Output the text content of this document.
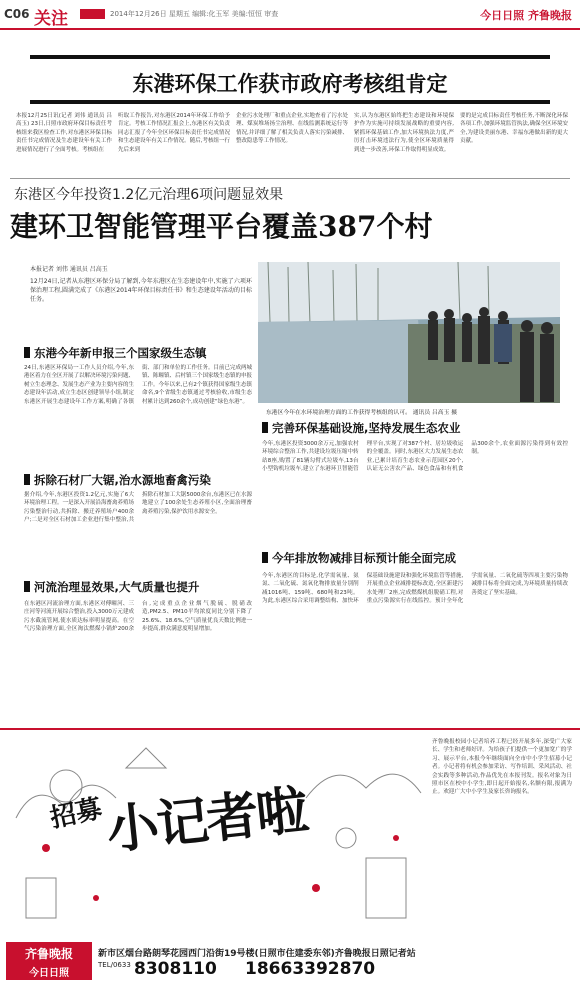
C06 关注	2014年12月26日 星期五 编辑:化玉军 美编:恒恒 审查	今日日照 齐鲁晚报
东港环保工作获市政府考核组肯定
本报12月25日讯(记者 刘伟 通讯员 吕高玉) 23日,日照市政府环保目标责任考核组来我区检查工作,对东港区环保目标责任书完成情况及生态建设年有关工作进展情况进行了全面考核。考核组在
听取工作报告,对东港区2014年环保工作给予肯定。考核工作情况汇报会上,东港区有关负责同志汇报了今年全区环保目标责任书完成情况和生态建设年有关工作情况。随后,考核组一行先后来到
企业污水处理厂和重点企业,实地查看了污水处理、煤炭堆场扬尘治理、在线监测系统运行等情况,并详细了解了相关负责人落实污染减排、整改隐患等工作情况。
实,认为东港区始终把生态建设和环境保护作为实施可持续发展战略的重要内容,紧抓环保基础工作,加大环境执法力度,严厉打击环境违法行为,使全区环境质量得到进一步改善,环保工作取得明显成效。
要的是完成目标责任考核任务,不断深化环保各项工作,加强环境监管执法,确保全区环境安全,为建设美丽东港、幸福东港做出新的更大贡献。
东港区今年投资1.2亿元治理6项问题显效果
建环卫智能管理平台覆盖387个村
本报记者 刘伟 通讯员 吕高玉
12月24日,记者从东港区环保分局了解到,今年东港区在生态建设年中,实施了六项环保治理工程,圆满完成了《东港区2014年环保目标责任书》和生态建设年活动的目标任务。
东港今年新申报三个国家级生态镇
24日,东港区环保局一工作人员介绍,今年,东港区着力在全区开展了以解决环境污染问题、树立生态理念、发展生态产业为主要内容的生态建设年活动,成立生态区创建领导小组,制定东港区开展生态建设年工作方案,明确了各镇街、部门和单位的工作任务。目前已完成两城镇、陈疃镇、后村镇三个国家级生态镇的申报工作。今年以来,已有2个镇获得国家级生态镇命名,9个省级生态镇通过考核验收,市级生态村累计达到260余个,成功创建“绿色东港”。
拆除石材厂大锯,治水源地畜禽污染
据介绍,今年,东港区投资1.2亿元,实施了6大环境治理工程。一是深入开展沿海畜禽养殖场污染整治行动,共拆除、搬迁养殖场户400余户;二是对全区石材加工企业进行集中整治,共拆除石材加工大锯5000余台,东港区已在水源地建立了100余处生态养殖小区,全面治理畜禽养殖污染,保护饮用水源安全。
河流治理显效果,大气质量也提升
在东港区河流治理方面,东港区对傅疃河、三庄河等河流开展综合整治,投入3000万元建成污水截流管网,使水质达标率明显提高。在空气污染治理方面,全区淘汰燃煤小锅炉200余台,完成重点企业烟气脱硫、脱硝改造,PM2.5、PM10平均浓度同比分别下降了25.6%、18.6%,空气质量优良天数比例进一步提高,群众满意度明显增加。
东港区今年在水环境治理方面的工作获得考核组的认可。 通讯员 吕高玉 摄
完善环保基础设施,坚持发展生态农业
今年,东港区投资3000余万元,加强农村环境综合整治工作,共建设垃圾压缩中转站8座,购置了81辆勾臂式垃圾车,13台小型钩机垃圾车,建立了东港环卫智能管理平台,实现了对387个村、居垃圾收运的全覆盖。同时,东港区大力发展生态农业,已累计培育生态农业示范园区20个,认证无公害农产品、绿色食品和有机食品300余个,农业面源污染得到有效控制。
今年排放物减排目标预计能全面完成
今年,东港区的目标是,化学需氧量、氨氮、二氧化硫、氮氧化物排放量分别削减1016吨、159吨、680吨和23吨。为此,东港区综合采用调整结构、加快环保基础设施建设和强化环境监管等措施,开展重点企业减排提标改造,全区新建污水处理厂2座,完成燃煤机组脱硝工程,对重点污染源实行在线监控。预计全年化学需氧量、二氧化硫等四项主要污染物减排目标将全面完成,为环境质量持续改善奠定了坚实基础。
招募 小记者啦
齐鲁晚报校园小记者培养工程已经开展多年,深受广大家长、学生和老师好评。为给孩子们提供一个更加宽广的学习、展示平台,本报今年继续面向全市中小学生招募小记者。小记者将有机会参加采访、写作培训、采风活动、社会实践等多种活动,作品优先在本报刊发。报名对象为日照市区在校中小学生,即日起开始报名,名额有限,报满为止。欢迎广大中小学生及家长咨询报名。
齐鲁晚报
今日日照
新市区烟台路朗琴花园西门沿街19号楼(日照市住建委东邻)齐鲁晚报日照记者站
TEL/0633 8308110 18663392870
